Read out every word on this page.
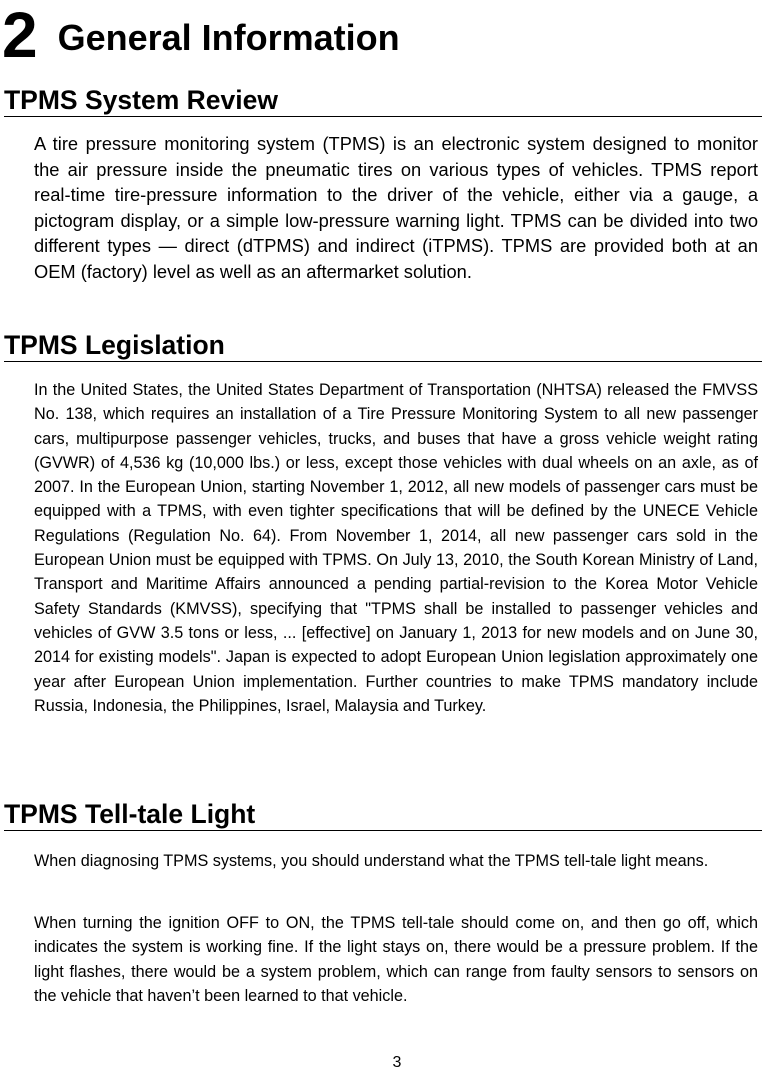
2 General Information
TPMS System Review

A tire pressure monitoring system (TPMS) is an electronic system designed to monitor the air pressure inside the pneumatic tires on various types of vehicles. TPMS report real-time tire-pressure information to the driver of the vehicle, either via a gauge, a pictogram display, or a simple low-pressure warning light. TPMS can be divided into two different types — direct (dTPMS) and indirect (iTPMS). TPMS are provided both at an OEM (factory) level as well as an aftermarket solution.

TPMS Legislation

In the United States, the United States Department of Transportation (NHTSA) released the FMVSS No. 138, which requires an installation of a Tire Pressure Monitoring System to all new passenger cars, multipurpose passenger vehicles, trucks, and buses that have a gross vehicle weight rating (GVWR) of 4,536 kg (10,000 lbs.) or less, except those vehicles with dual wheels on an axle, as of 2007. In the European Union, starting November 1, 2012, all new models of passenger cars must be equipped with a TPMS, with even tighter specifications that will be defined by the UNECE Vehicle Regulations (Regulation No. 64). From November 1, 2014, all new passenger cars sold in the European Union must be equipped with TPMS. On July 13, 2010, the South Korean Ministry of Land, Transport and Maritime Affairs announced a pending partial-revision to the Korea Motor Vehicle Safety Standards (KMVSS), specifying that "TPMS shall be installed to passenger vehicles and vehicles of GVW 3.5 tons or less, ... [effective] on January 1, 2013 for new models and on June 30, 2014 for existing models". Japan is expected to adopt European Union legislation approximately one year after European Union implementation. Further countries to make TPMS mandatory include Russia, Indonesia, the Philippines, Israel, Malaysia and Turkey.

TPMS Tell-tale Light

When diagnosing TPMS systems, you should understand what the TPMS tell-tale light means.

When turning the ignition OFF to ON, the TPMS tell-tale should come on, and then go off, which indicates the system is working fine. If the light stays on, there would be a pressure problem. If the light flashes, there would be a system problem, which can range from faulty sensors to sensors on the vehicle that haven’t been learned to that vehicle.

3
